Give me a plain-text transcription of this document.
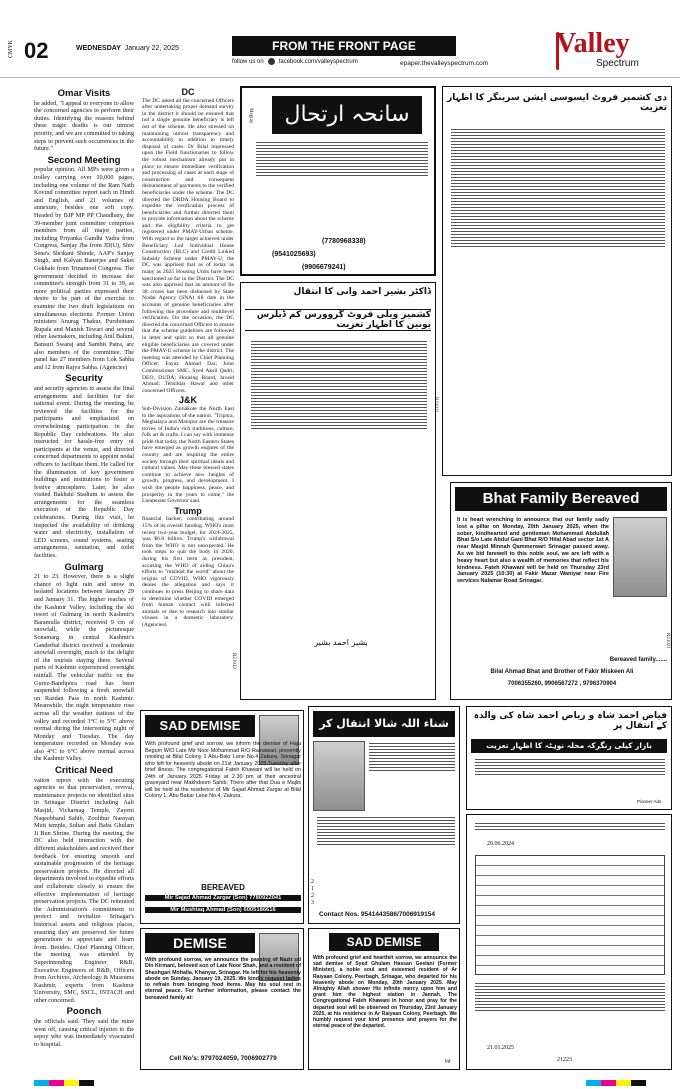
CMYK 02	WEDNESDAY January 22, 2025	FROM THE FRONT PAGE
follow us on	facebook.com/valleyspectrum	epaper.thevalleyspectrum.com
Valley
Spectrum
Omar Visits

he added, "I appeal to everyone to allow the concerned agencies to perform their duties. Identifying the reasons behind these tragic deaths is our utmost priority, and we are committed to taking steps to prevent such occurrences in the future."

Second Meeting

popular opinion. All MPs were given a trolley carrying over 10,000 pages, including one volume of the Ram Nath Kovind committee report each in Hindi and English, and 21 volumes of annexure, besides one soft copy. Headed by BJP MP PP Chaudhary, the 39-member joint committee comprises members from all major parties, including Priyanka Gandhi Vadra from Congress, Sanjay Jha from JD(U), Shiv Sena's Shrikant Shinde, AAP's Sanjay Singh, and Kalyan Banerjee and Saket Gokhale from Trinamool Congress. The government decided to increase the committee's strength from 31 to 39, as more political parties expressed their desire to be part of the exercise to examine the two draft legislations on simultaneous elections. Former Union ministers Anurag Thakur, Purshottam Rupala and Manish Tewari and several other lawmakers, including Anil Baluni, Bansuri Swaraj and Sambit Patra, are also members of the committee. The panel has 27 members from Lok Sabha and 12 from Rajya Sabha. (Agencies)

Security

and security agencies to assess the final arrangements and facilities for the national event. During the meeting, he reviewed the facilities for the participants and emphasized on overwhelming participation in the Republic Day celebrations. He also instructed for hassle-free entry of participants at the venue, and directed concerned departments to appoint nodal officers to facilitate them. He called for the illumination of key government buildings and institutions to foster a festive atmosphere. Later, he also visited Bakhshi Stadium to assess the arrangements for the seamless execution of the Republic Day celebrations. During this visit, he inspected the availability of drinking water and electricity, installation of LED screens, sound systems, seating arrangements, sanitation, and toilet facilities.

Gulmarg

21 to 23. However, there is a slight chance of light rain and snow in isolated locations between January 29 and January 31. The higher reaches of the Kashmir Valley, including the ski resort of Gulmarg in north Kashmir's Baramulla district, received 9 cm of snowfall, while the picturesque Sonamarg in central Kashmir's Ganderbal district received a moderate snowfall overnight, much to the delight of the tourists staying there. Several parts of Kashmir experienced overnight rainfall. The vehicular traffic on the Gurez-Bandipora road has been suspended following a fresh snowfall on Razdan Pass in north Kashmir. Meanwhile, the night temperature rose across all the weather stations of the valley and recorded 3°C to 5°C above normal during the intervening night of Monday and Tuesday. The day temperature recorded on Monday was also 4°C to 6°C above normal across the Kashmir Valley.

Critical Need

vation report with the executing agencies so that preservation, revival, maintenance projects on identified sites in Srinagar District including Aali Masjid, Vicharnag Temple, Zayeni Naqeebband Sahib, Zoolihur Narayan Mutt temple, Sultan and Baba Ghulam Ji Bun Shrine. During the meeting, the DC also held interaction with the different stakeholders and received their feedback for ensuring smooth and sustainable progression of the heritage preservation projects. He directed all departments involved to expedite efforts and collaborate closely to ensure the effective implementation of heritage preservation projects. The DC reiterated the Administration's commitment to protect and revitalize Srinagar's historical assets and religious places, ensuring they are preserved for future generations to appreciate and learn from. Besides, Chief Planning Officer, the meeting was attended by Superintending Engineer R&B, Executive Engineers of R&B, Officers from Archives, Archeology & Museums Kashmir, experts from Kashmir University, SMC, SSCL, INTACH and other concerned.

Poonch

the officials said. They said the mine went off, causing critical injuries to the sepoy who was immediately evacuated to hospital.

DC

The DC asked all the concerned Officers after undertaking proper demand survey in the district it should be ensured that not a single genuine beneficiary is left out of the scheme. He also stressed on maintaining utmost transparency and accountability in addition to timely disposal of cases. Dr Bilal impressed upon the Field functionaries to follow the robust mechanism already put in place to ensure immediate verification and processing of cases at each stage of construction and consequent disbursement of payments to the verified beneficiaries under the scheme. The DC directed the DRDA Housing Board to expedite the verification process of beneficiaries and further directed them to provide information about the scheme and the eligibility criteria to get registered under PMAY-Urban scheme. With regard to the target achieved under Beneficiary Led Individual House Construction (BLC) and Credit Linked Subsidy Scheme under PMAY-U, the DC was apprised that as of today as many as 2025 Housing Units have been sanctioned so far in the District. The DC was also apprised that an amount of Rs 38 crores has been disbursed by State Nodal Agency (SNA) till date in the accounts of genuine beneficiaries after following due procedure and multilevel verification. On the occasion, the DC directed the concerned Officers to ensure that the scheme guidelines are followed in letter and spirit so that all genuine eligible beneficiaries are covered under the PMAY-U scheme in the district. The meeting was attended by Chief Planning Officer, Fayaz Ahmad Dar; Joint Commissioner SMC, Syed Aksil Qadri; DEO, DUDA; Housing Board, Javaid Ahmad; Tehsildar Hawal and other concerned Officers.

J&K

Sub-Division Zainakote the North East to the aspirations of the nation. "Tripura, Meghalaya and Manipur are the treasure troves of India's rich traditions, culture, folk art & crafts. I can say with immense pride that today the North Eastern States have emerged as growth engines of the country and are inspiring the entire society through their spiritual ideals and cultural values. May these blessed states continue to achieve new heights of growth, progress, and development. I wish the people happiness, peace, and prosperity in the years to come," the Lieutenant Governor said.

Trump

financial backer, contributing around 15% of its overall funding. WHO's most recent two-year budget, for 2024-2025, was $6.8 billion. Trump's withdrawal from the WHO is not unexpected. He took steps to quit the body in 2020, during his first term as president, accusing the WHO of aiding China's efforts to "mislead the world" about the origins of COVID. WHO vigorously denies the allegation and says it continues to press Beijing to share data to determine whether COVID emerged from human contact with infected animals or due to research into similar viruses in a domestic laboratory. (Agencies)

سانحہ ارتحال
Megray
(7780968338)
(9541025693)
(9906679241)
ڈاکٹر بشیر احمد وانی کا انتقال
کشمیر ویلی فروٹ گروورس کم ڈیلرس یونین کا اظہار تعزیت
بشیر احمد بشیر
R21012
دی کشمیر فروٹ ایسوسی ایشن سرینگر کا اظہار تعزیت
R21011
Bhat Family Bereaved
It is heart wrenching to announce that our family sadly lost a pillar on Monday, 20th January 2025, when the sober, kindhearted and gentleman Mohammad Abdullah Bhat S/o Late Abdul Gani Bhat R/O Hilal Abad sector 1st A near Masjid Minnah Qammerwari Srinagar passed away. As we bid farewell to this noble soul, we are left with a heavy heart but also a wealth of memories that reflect his kindness. Fateh Khawani will be held on Thursday 23rd January 2025 (10:30) at Fakir Mazar Waniyar near Fire services Nalamar Road Srinagar.
Bereaved family.......
Bilal Ahmad Bhat and Brother of Fakir Miskeen Ali
7006355260, 9906567272 , 9796370904
R21021
SAD DEMISE
With profound grief and sorrow, we inform the demise of Haja Begum W/O Late Mir Noor Mohammad R/O Rainawari, presently residing at Bilal Colony 1 Abu-Bakr Lane No.4 Zakura, Srinagar who left for heavenly abode on 21st January 2025 Tuesday after brief illness. The congregational Fateh Khawani will be held on 24th of January 2025 Friday at 2.30 pm at their ancestral graveyard near Makhdoom Sahib. There after that Dua e Majlis will be held at the residence of Mir Sajad Ahmad Zargar at Bilal Colony 1, Abu Bakar Lane No.4, Zakura.
BEREAVED
Mir Sajad Ahmad Zargar (Son) 7780922041
Mir Mushtaq Ahmad (Son) 6005186616
شناء اللہ شالا انتقال کر
2
1
2
3
Contact Nos. 9541443586/7006919154
فیاض احمد شاہ و ریاض احمد شاہ کی والدہ کے انتقال پر
بازار کیلی رنگرکہ محلہ نوہٹہ کا اظہار تعزیت
Pioneer Ads
20.06.2024
21.01.2025
21223
DEMISE
With profound sorrow, we announce the passing of Nazir ud Din Kirmani, beloved son of Late Noor Shah, and a resident of Shashgari Mohalla, Khanyar, Srinagar. He left for his heavenly abode on Sunday, January 19, 2025. We kindly request ladies to refrain from bringing food items. May his soul rest in eternal peace. For further information, please contact the bereaved family at:
Cell No's: 9797024059, 7006902779
SAD DEMISE
With profound grief and heartfelt sorrow, we announce the sad demise of Syed Ghulam Hassan Geelani (Former Minister), a noble soul and esteemed resident of Ar Raiyaan Colony, Peerbagh, Srinagar, who departed for his heavenly abode on Monday, 20th January 2025. May Almighty Allah shower His infinite mercy upon him and grant him the highest station in Jannah. The Congregational Fateh Khawani in honor and pray for the departed soul will be observed on Thursday, 23rd January 2025, at his residence in Ar Raiyaan Colony, Peerbagh. We humbly request your kind presence and prayers for the eternal peace of the departed.
Inf
